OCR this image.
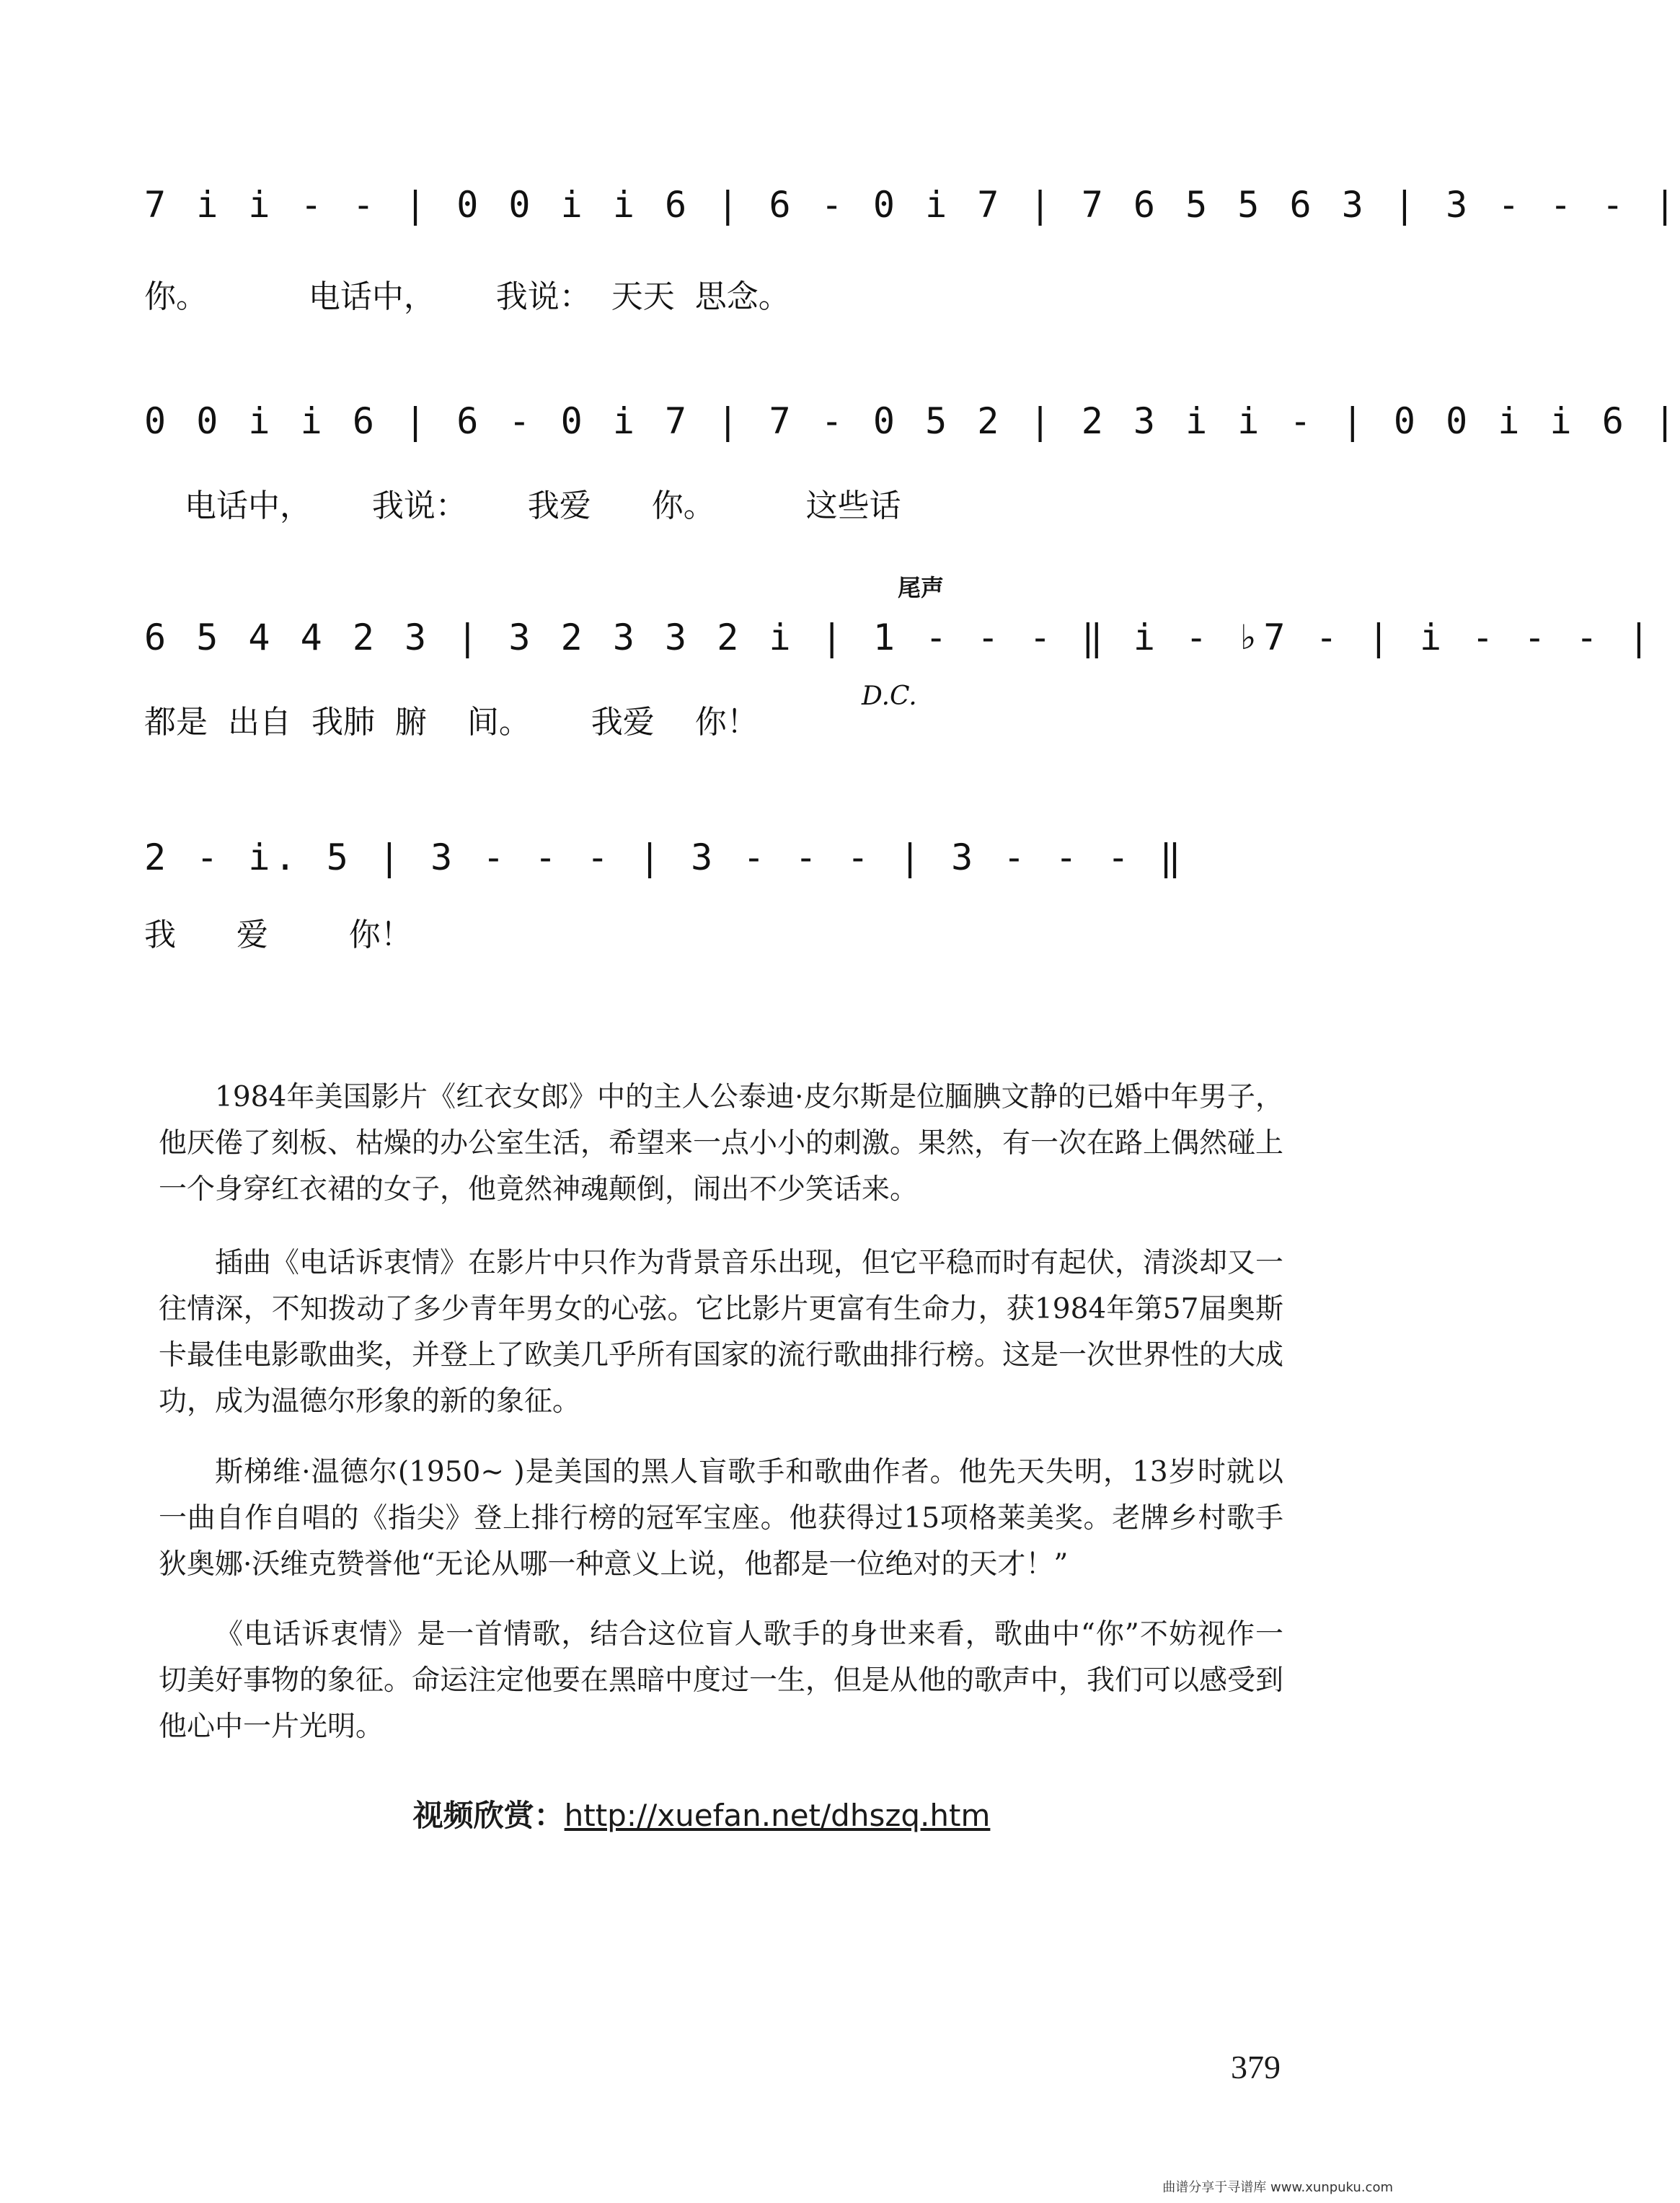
7 i i - - | 0 0 i i 6 | 6 - 0 i 7 | 7 6 5 5 6 3 | 3 - - - |
你。          电话中，      我说：  天天  思念。
0 0 i i 6 | 6 - 0 i 7 | 7 - 0 5 2 | 2 3 i i - | 0 0 i i 6 |
电话中，      我说：      我爱      你。         这些话
尾声
6 5 4 4 2 3 | 3 2 3 3 2 i | 1 - - - ‖ i - ♭7 - | i - - - |
D.C.
都是  出自  我肺  腑    间。      我爱    你！
2 - i. 5 | 3 - - - | 3 - - - | 3 - - - ‖
我      爱        你！

1984年美国影片《红衣女郎》中的主人公泰迪·皮尔斯是位腼腆文静的已婚中年男子，他厌倦了刻板、枯燥的办公室生活，希望来一点小小的刺激。果然，有一次在路上偶然碰上一个身穿红衣裙的女子，他竟然神魂颠倒，闹出不少笑话来。

插曲《电话诉衷情》在影片中只作为背景音乐出现，但它平稳而时有起伏，清淡却又一往情深，不知拨动了多少青年男女的心弦。它比影片更富有生命力，获1984年第57届奥斯卡最佳电影歌曲奖，并登上了欧美几乎所有国家的流行歌曲排行榜。这是一次世界性的大成功，成为温德尔形象的新的象征。

斯梯维·温德尔(1950~ )是美国的黑人盲歌手和歌曲作者。他先天失明，13岁时就以一曲自作自唱的《指尖》登上排行榜的冠军宝座。他获得过15项格莱美奖。老牌乡村歌手狄奥娜·沃维克赞誉他“无论从哪一种意义上说，他都是一位绝对的天才！”

《电话诉衷情》是一首情歌，结合这位盲人歌手的身世来看，歌曲中“你”不妨视作一切美好事物的象征。命运注定他要在黑暗中度过一生，但是从他的歌声中，我们可以感受到他心中一片光明。

视频欣赏：http://xuefan.net/dhszq.htm
379
曲谱分享于寻谱库 www.xunpuku.com
